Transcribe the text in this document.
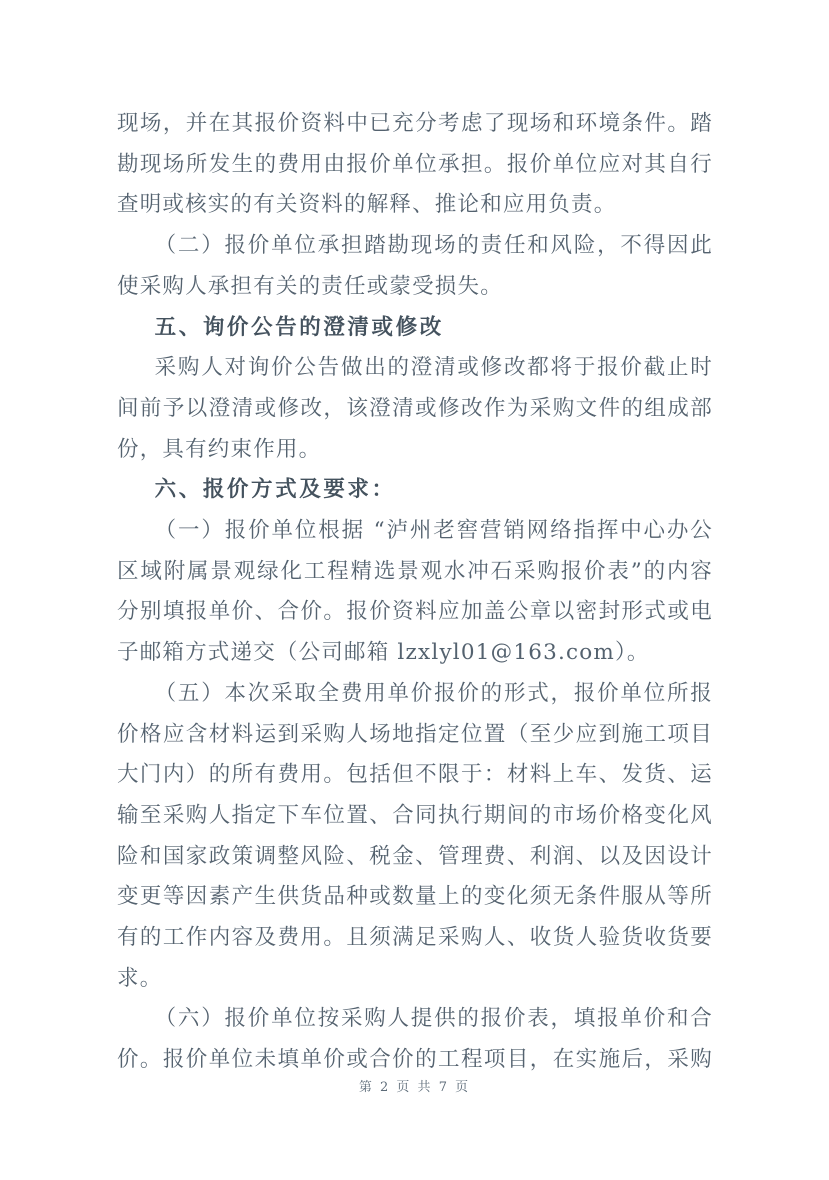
现场，并在其报价资料中已充分考虑了现场和环境条件。踏
勘现场所发生的费用由报价单位承担。报价单位应对其自行
查明或核实的有关资料的解释、推论和应用负责。
（二）报价单位承担踏勘现场的责任和风险，不得因此
使采购人承担有关的责任或蒙受损失。
五、询价公告的澄清或修改
采购人对询价公告做出的澄清或修改都将于报价截止时
间前予以澄清或修改，该澄清或修改作为采购文件的组成部
份，具有约束作用。
六、报价方式及要求：
（一）报价单位根据 “泸州老窖营销网络指挥中心办公
区域附属景观绿化工程精选景观水冲石采购报价表”的内容
分别填报单价、合价。报价资料应加盖公章以密封形式或电
子邮箱方式递交（公司邮箱 lzxlyl01@163.com）。
（五）本次采取全费用单价报价的形式，报价单位所报
价格应含材料运到采购人场地指定位置（至少应到施工项目
大门内）的所有费用。包括但不限于：材料上车、发货、运
输至采购人指定下车位置、合同执行期间的市场价格变化风
险和国家政策调整风险、税金、管理费、利润、以及因设计
变更等因素产生供货品种或数量上的变化须无条件服从等所
有的工作内容及费用。且须满足采购人、收货人验货收货要
求。
（六）报价单位按采购人提供的报价表，填报单价和合
价。报价单位未填单价或合价的工程项目，在实施后，采购
第 2 页 共 7 页
